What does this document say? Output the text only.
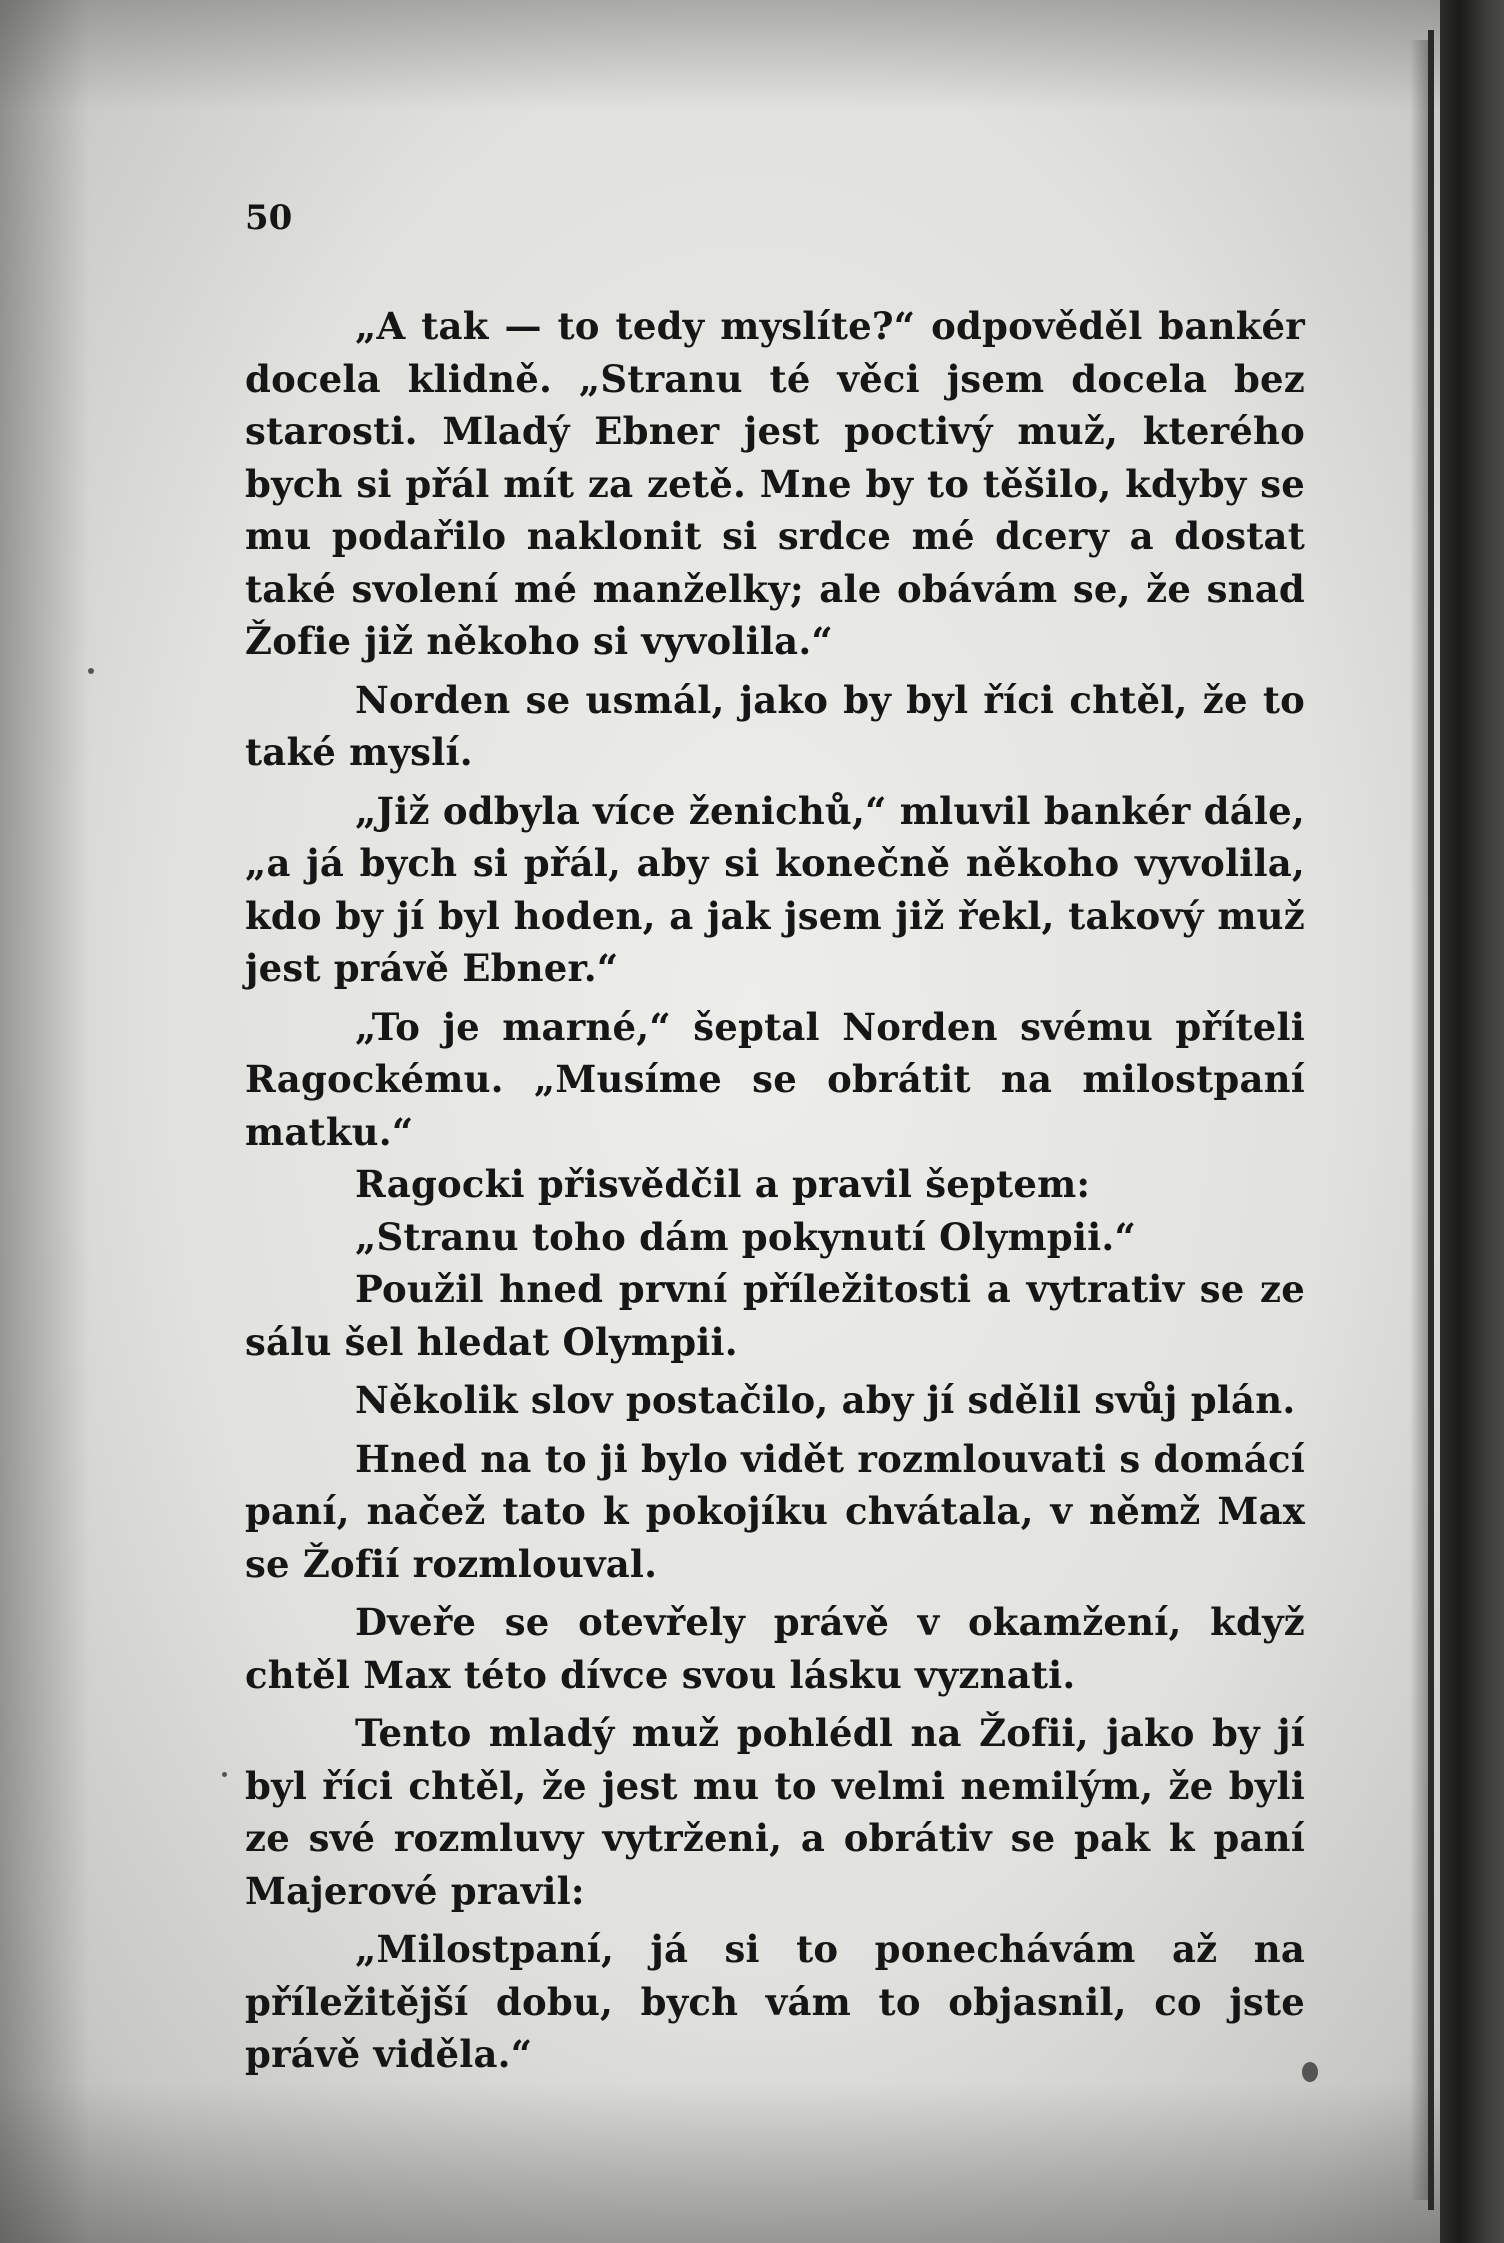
50

„A tak — to tedy myslíte?“ odpověděl bankér docela klidně. „Stranu té věci jsem docela bez starosti. Mladý Ebner jest poctivý muž, kterého bych si přál mít za zetě. Mne by to těšilo, kdyby se mu podařilo naklonit si srdce mé dcery a dostat také svolení mé manželky; ale obávám se, že snad Žofie již někoho si vyvolila.“

Norden se usmál, jako by byl říci chtěl, že to také myslí.

„Již odbyla více ženichů,“ mluvil bankér dále, „a já bych si přál, aby si konečně někoho vyvolila, kdo by jí byl hoden, a jak jsem již řekl, takový muž jest právě Ebner.“

„To je marné,“ šeptal Norden svému příteli Ragockému. „Musíme se obrátit na milostpaní matku.“

Ragocki přisvědčil a pravil šeptem:

„Stranu toho dám pokynutí Olympii.“

Použil hned první příležitosti a vytrativ se ze sálu šel hledat Olympii.

Několik slov postačilo, aby jí sdělil svůj plán.

Hned na to ji bylo vidět rozmlouvati s domácí paní, načež tato k pokojíku chvátala, v němž Max se Žofií rozmlouval.

Dveře se otevřely právě v okamžení, když chtěl Max této dívce svou lásku vyznati.

Tento mladý muž pohlédl na Žofii, jako by jí byl říci chtěl, že jest mu to velmi nemilým, že byli ze své rozmluvy vytrženi, a obrátiv se pak k paní Majerové pravil:

„Milostpaní, já si to ponechávám až na příležitější dobu, bych vám to objasnil, co jste právě viděla.“
